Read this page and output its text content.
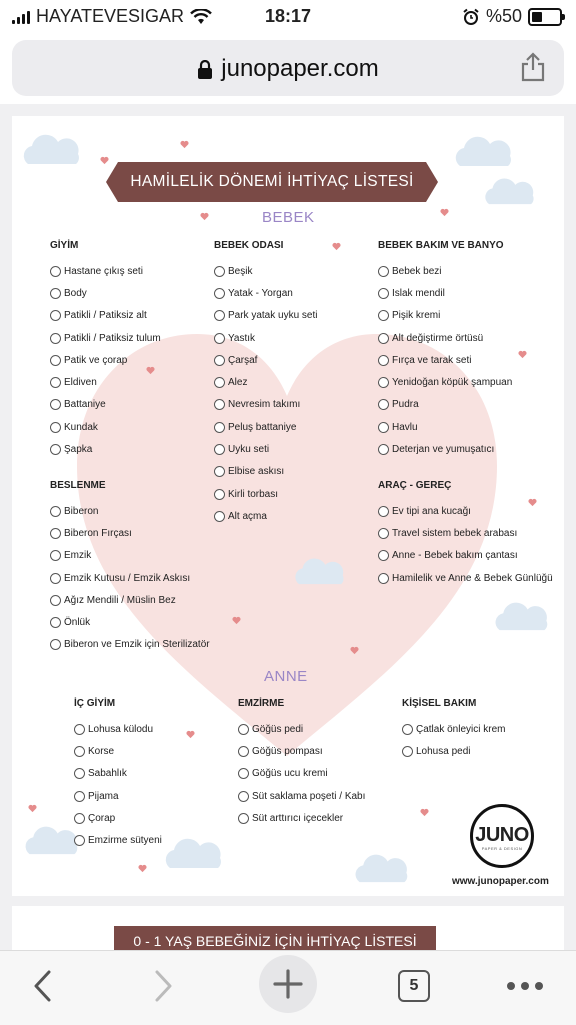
HAYATEVESIGAR	18:17	%50
junopaper.com
HAMİLELİK DÖNEMİ İHTİYAÇ LİSTESİ
BEBEK
ANNE
GİYİM
Hastane çıkış seti
Body
Patikli / Patiksiz alt
Patikli / Patiksiz tulum
Patik ve çorap
Eldiven
Battaniye
Kundak
Şapka
BEBEK ODASI
Beşik
Yatak - Yorgan
Park yatak uyku seti
Yastık
Çarşaf
Alez
Nevresim takımı
Peluş battaniye
Uyku seti
Elbise askısı
Kirli torbası
Alt açma
BEBEK BAKIM VE BANYO
Bebek bezi
Islak mendil
Pişik kremi
Alt değiştirme örtüsü
Fırça ve tarak seti
Yenidoğan köpük şampuan
Pudra
Havlu
Deterjan ve yumuşatıcı
BESLENME
Biberon
Biberon Fırçası
Emzik
Emzik Kutusu / Emzik Askısı
Ağız Mendili / Müslin Bez
Önlük
Biberon ve Emzik için Sterilizatör
ARAÇ - GEREÇ
Ev tipi ana kucağı
Travel sistem bebek arabası
Anne - Bebek bakım çantası
Hamilelik ve Anne & Bebek Günlüğü
İÇ GİYİM
Lohusa külodu
Korse
Sabahlık
Pijama
Çorap
Emzirme sütyeni
EMZİRME
Göğüs pedi
Göğüs pompası
Göğüs ucu kremi
Süt saklama poşeti / Kabı
Süt arttırıcı içecekler
KİŞİSEL BAKIM
Çatlak önleyici krem
Lohusa pedi
JUNO
PAPER & DESIGN
www.junopaper.com
0 - 1 YAŞ BEBEĞİNİZ İÇİN İHTİYAÇ LİSTESİ
5
